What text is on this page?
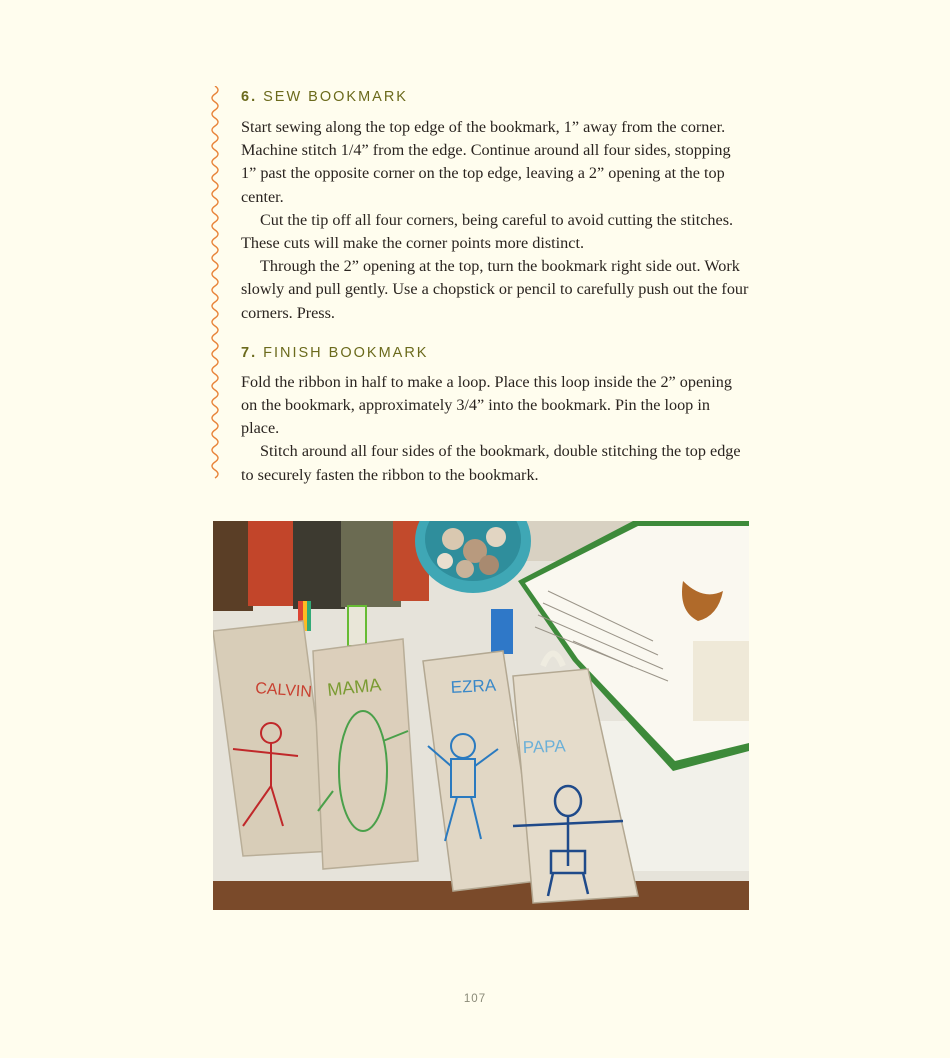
6. SEW BOOKMARK

Start sewing along the top edge of the bookmark, 1” away from the corner. Machine stitch 1/4” from the edge. Continue around all four sides, stopping 1” past the opposite corner on the top edge, leaving a 2” opening at the top center.

Cut the tip off all four corners, being careful to avoid cutting the stitches. These cuts will make the corner points more distinct.

Through the 2” opening at the top, turn the bookmark right side out. Work slowly and pull gently. Use a chopstick or pencil to carefully push out the four corners. Press.

7. FINISH BOOKMARK

Fold the ribbon in half to make a loop. Place this loop inside the 2” opening on the bookmark, approximately 3/4” into the bookmark. Pin the loop in place.

Stitch around all four sides of the bookmark, double stitching the top edge to securely fasten the ribbon to the bookmark.

CALVIN MAMA	EZRA
PAPA
107
